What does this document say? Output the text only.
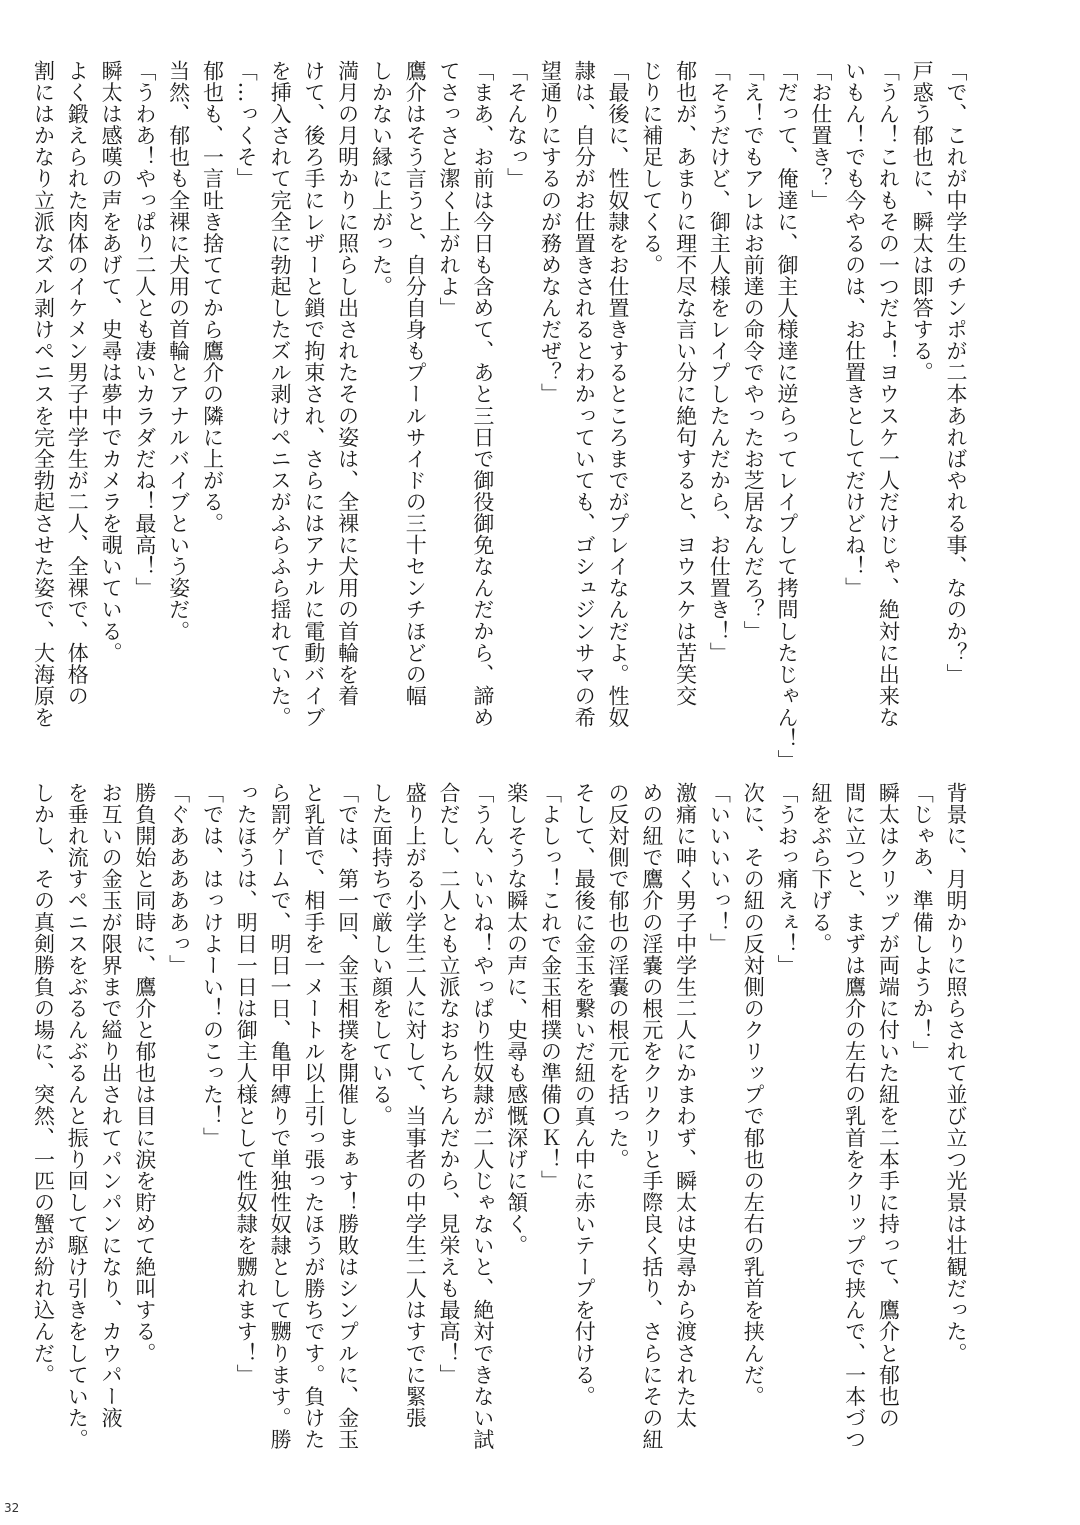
「で、これが中学生のチンポが二本あればやれる事、なのか？」

戸惑う郁也に、瞬太は即答する。

「うん！これもその一つだよ！ヨウスケ一人だけじゃ、絶対に出来な

いもん！でも今やるのは、お仕置きとしてだけどね！」

「お仕置き？」

「だって、俺達に、御主人様達に逆らってレイプして拷問したじゃん！」

「え！でもアレはお前達の命令でやったお芝居なんだろ？」

「そうだけど、御主人様をレイプしたんだから、お仕置き！」

郁也が、あまりに理不尽な言い分に絶句すると、ヨウスケは苦笑交

じりに補足してくる。

「最後に、性奴隷をお仕置きするところまでがプレイなんだよ。性奴

隷は、自分がお仕置きされるとわかっていても、ゴシュジンサマの希

望通りにするのが務めなんだぜ？」

「そんなっ」

「まあ、お前は今日も含めて、あと三日で御役御免なんだから、諦め

てさっさと潔く上がれよ」

鷹介はそう言うと、自分自身もプールサイドの三十センチほどの幅

しかない縁に上がった。

満月の月明かりに照らし出されたその姿は、全裸に犬用の首輪を着

けて、後ろ手にレザーと鎖で拘束され、さらにはアナルに電動バイブ

を挿入されて完全に勃起したズル剥けペニスがふらふら揺れていた。

「…っくそ」

郁也も、一言吐き捨ててから鷹介の隣に上がる。

当然、郁也も全裸に犬用の首輪とアナルバイブという姿だ。

「うわあ！やっぱり二人とも凄いカラダだね！最高！」

瞬太は感嘆の声をあげて、史尋は夢中でカメラを覗いている。

よく鍛えられた肉体のイケメン男子中学生が二人、全裸で、体格の

割にはかなり立派なズル剥けペニスを完全勃起させた姿で、大海原を

背景に、月明かりに照らされて並び立つ光景は壮観だった。

「じゃあ、準備しようか！」

瞬太はクリップが両端に付いた紐を二本手に持って、鷹介と郁也の

間に立つと、まずは鷹介の左右の乳首をクリップで挟んで、一本づつ

紐をぶら下げる。

「うおっ痛えぇ！」

次に、その紐の反対側のクリップで郁也の左右の乳首を挟んだ。

「いいいいっ！」

激痛に呻く男子中学生二人にかまわず、瞬太は史尋から渡された太

めの紐で鷹介の淫嚢の根元をクリクリと手際良く括り、さらにその紐

の反対側で郁也の淫嚢の根元を括った。

そして、最後に金玉を繋いだ紐の真ん中に赤いテープを付ける。

「よしっ！これで金玉相撲の準備ＯＫ！」

楽しそうな瞬太の声に、史尋も感慨深げに頷く。

「うん、いいね！やっぱり性奴隷が二人じゃないと、絶対できない試

合だし、二人とも立派なおちんちんだから、見栄えも最高！」

盛り上がる小学生二人に対して、当事者の中学生二人はすでに緊張

した面持ちで厳しい顔をしている。

「では、第一回、金玉相撲を開催しまぁす！勝敗はシンプルに、金玉

と乳首で、相手を一メートル以上引っ張ったほうが勝ちです。負けた

ら罰ゲームで、明日一日、亀甲縛りで単独性奴隷として嬲ります。勝

ったほうは、明日一日は御主人様として性奴隷を嬲れます！」

「では、はっけよーい！のこった！」

「ぐあああああっ」

勝負開始と同時に、鷹介と郁也は目に涙を貯めて絶叫する。

お互いの金玉が限界まで縊り出されてパンパンになり、カウパー液

を垂れ流すペニスをぶるんぶるんと振り回して駆け引きをしていた。

しかし、その真剣勝負の場に、突然、一匹の蟹が紛れ込んだ。

32
